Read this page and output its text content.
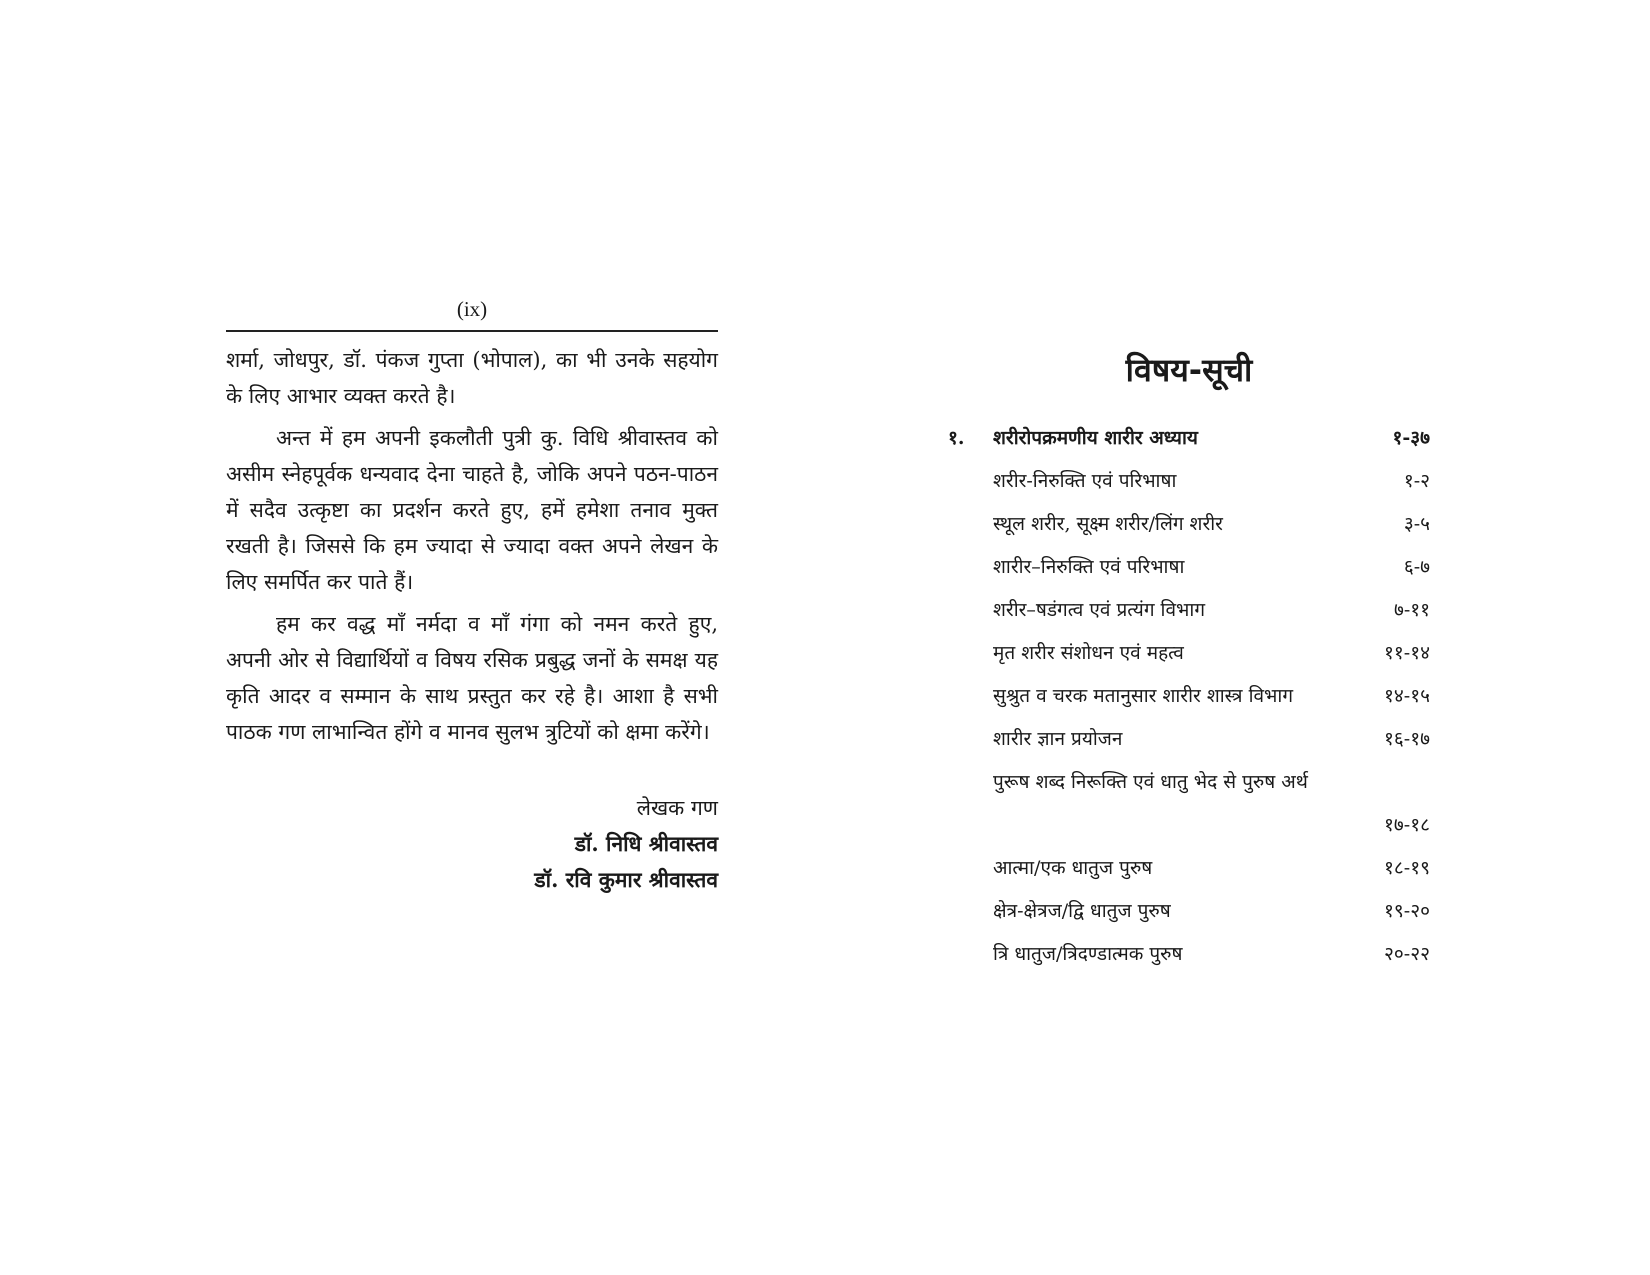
(ix)

शर्मा, जोधपुर, डॉ. पंकज गुप्ता (भोपाल), का भी उनके सहयोग के लिए आभार व्यक्त करते है।

अन्त में हम अपनी इकलौती पुत्री कु. विधि श्रीवास्तव को असीम स्नेहपूर्वक धन्यवाद देना चाहते है, जोकि अपने पठन-पाठन में सदैव उत्कृष्टा का प्रदर्शन करते हुए, हमें हमेशा तनाव मुक्त रखती है। जिससे कि हम ज्यादा से ज्यादा वक्त अपने लेखन के लिए समर्पित कर पाते हैं।

हम कर वद्ध माँ नर्मदा व माँ गंगा को नमन करते हुए, अपनी ओर से विद्यार्थियों व विषय रसिक प्रबुद्ध जनों के समक्ष यह कृति आदर व सम्मान के साथ प्रस्तुत कर रहे है। आशा है सभी पाठक गण लाभान्वित होंगे व मानव सुलभ त्रुटियों को क्षमा करेंगे।

लेखक गण
डॉ. निधि श्रीवास्तव
डॉ. रवि कुमार श्रीवास्तव
विषय-सूची
१.	शरीरोपक्रमणीय शारीर अध्याय	१-३७
शरीर-निरुक्ति एवं परिभाषा	१-२
स्थूल शरीर, सूक्ष्म शरीर/लिंग शरीर	३-५
शारीर–निरुक्ति एवं परिभाषा	६-७
शरीर–षडंगत्व एवं प्रत्यंग विभाग	७-११
मृत शरीर संशोधन एवं महत्व	११-१४
सुश्रुत व चरक मतानुसार शारीर शास्त्र विभाग	१४-१५
शारीर ज्ञान प्रयोजन	१६-१७
पुरूष शब्द निरूक्ति एवं धातु भेद से पुरुष अर्थ
१७-१८
आत्मा/एक धातुज पुरुष	१८-१९
क्षेत्र-क्षेत्रज/द्वि धातुज पुरुष	१९-२०
त्रि धातुज/त्रिदण्डात्मक पुरुष	२०-२२
